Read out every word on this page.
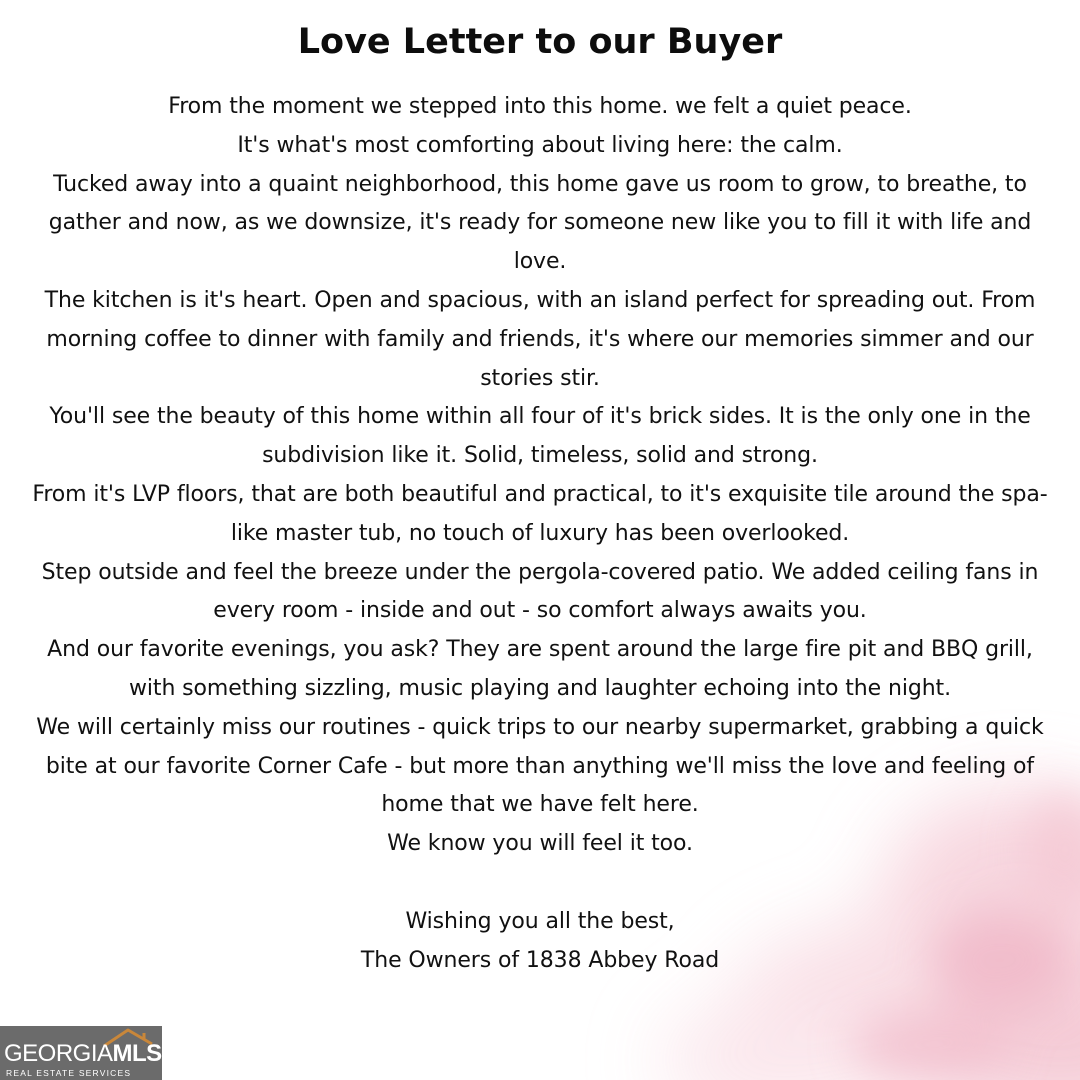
Love Letter to our Buyer

From the moment we stepped into this home. we felt a quiet peace.

It's what's most comforting about living here: the calm.

Tucked away into a quaint neighborhood, this home gave us room to grow, to breathe, to gather and now, as we downsize, it's ready for someone new like you to fill it with life and love.

The kitchen is it's heart. Open and spacious, with an island perfect for spreading out. From morning coffee to dinner with family and friends, it's where our memories simmer and our stories stir.

You'll see the beauty of this home within all four of it's brick sides. It is the only one in the subdivision like it. Solid, timeless, solid and strong.

From it's LVP floors, that are both beautiful and practical, to it's exquisite tile around the spa-like master tub, no touch of luxury has been overlooked.

Step outside and feel the breeze under the pergola-covered patio. We added ceiling fans in every room - inside and out - so comfort always awaits you.

And our favorite evenings, you ask? They are spent around the large fire pit and BBQ grill, with something sizzling, music playing and laughter echoing into the night.

We will certainly miss our routines - quick trips to our nearby supermarket, grabbing a quick bite at our favorite Corner Cafe - but more than anything we'll miss the love and feeling of home that we have felt here.

We know you will feel it too.

Wishing you all the best,

The Owners of 1838 Abbey Road

GEORGIAMLS
REAL ESTATE SERVICES
